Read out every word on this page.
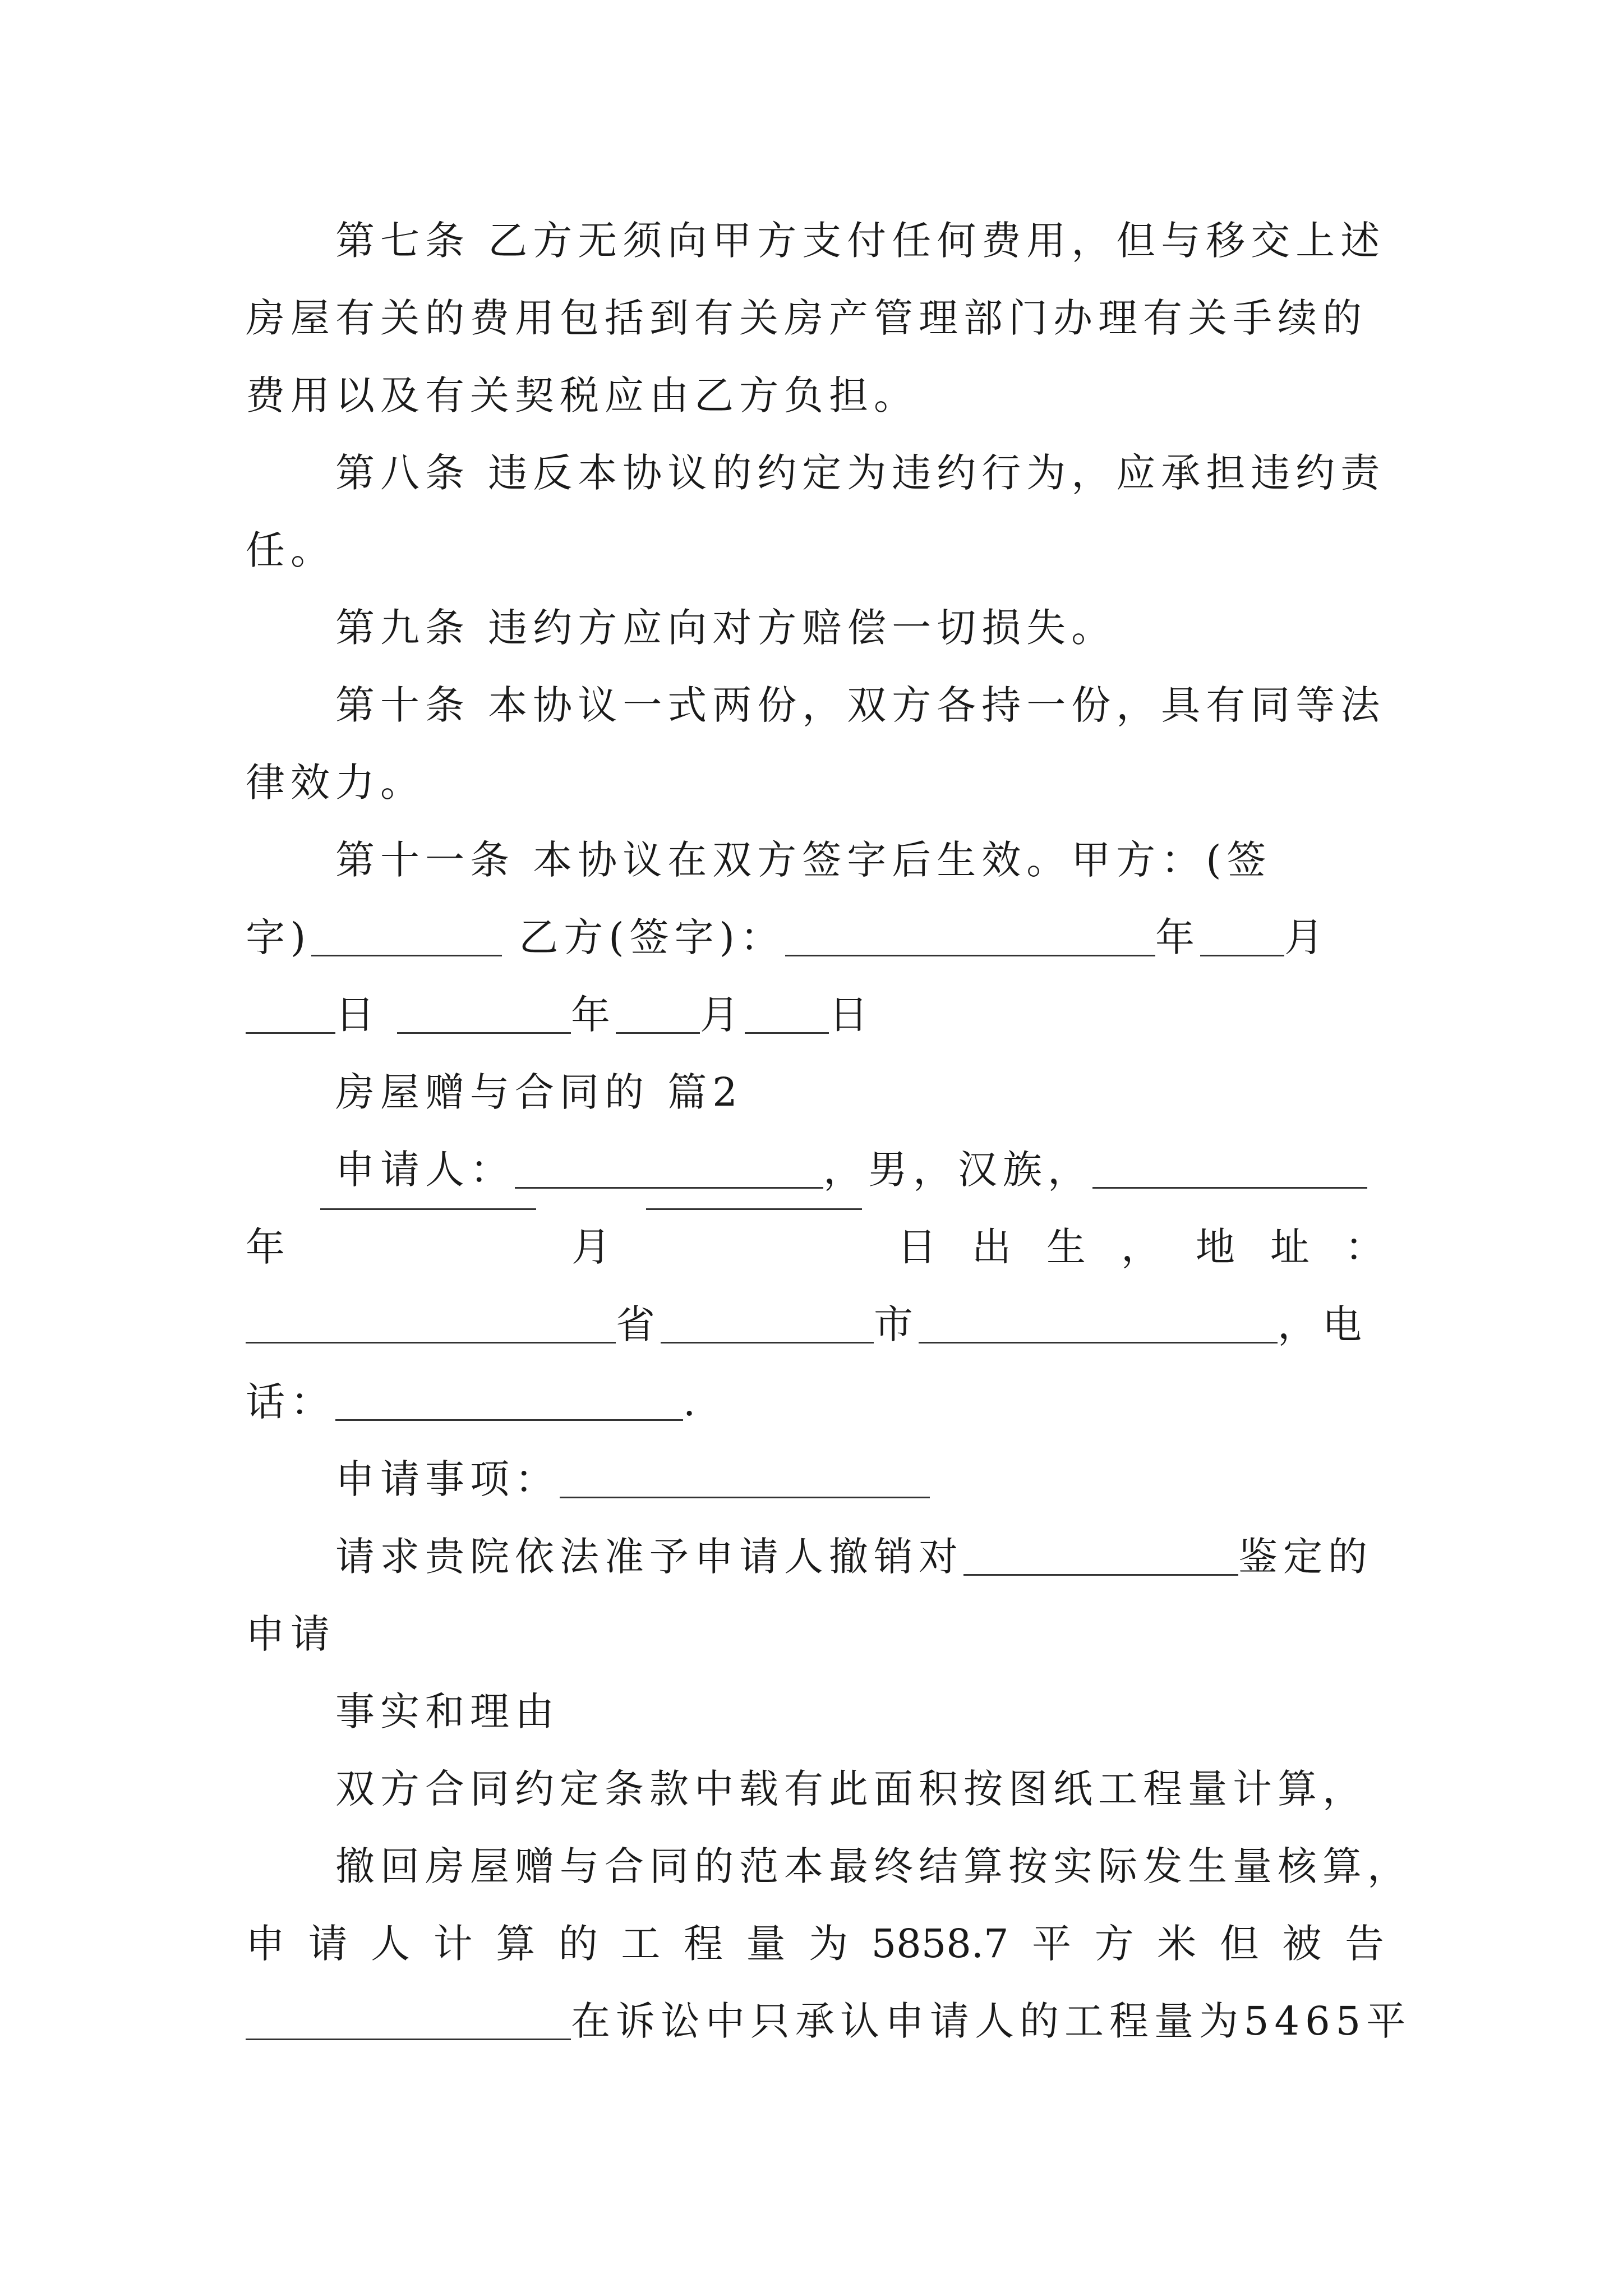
第七条 乙方无须向甲方支付任何费用，但与移交上述
房屋有关的费用包括到有关房产管理部门办理有关手续的
费用以及有关契税应由乙方负担。
第八条 违反本协议的约定为违约行为，应承担违约责
任。
第九条 违约方应向对方赔偿一切损失。
第十条 本协议一式两份，双方各持一份，具有同等法
律效力。
第十一条 本协议在双方签字后生效。甲方：(签
字)	乙方(签字)：	年 月
日	年 月 日
房屋赠与合同的 篇2
申请人：	，男，汉族，
年	月	日 出 生 ， 地 址 ：
省	市	，电
话：	.
申请事项：
请求贵院依法准予申请人撤销对	鉴定的
申请
事实和理由
双方合同约定条款中载有此面积按图纸工程量计算，
撤回房屋赠与合同的范本最终结算按实际发生量核算，
申 请 人 计 算 的 工 程 量 为 5858.7 平 方 米 但 被 告
在诉讼中只承认申请人的工程量为5465平
